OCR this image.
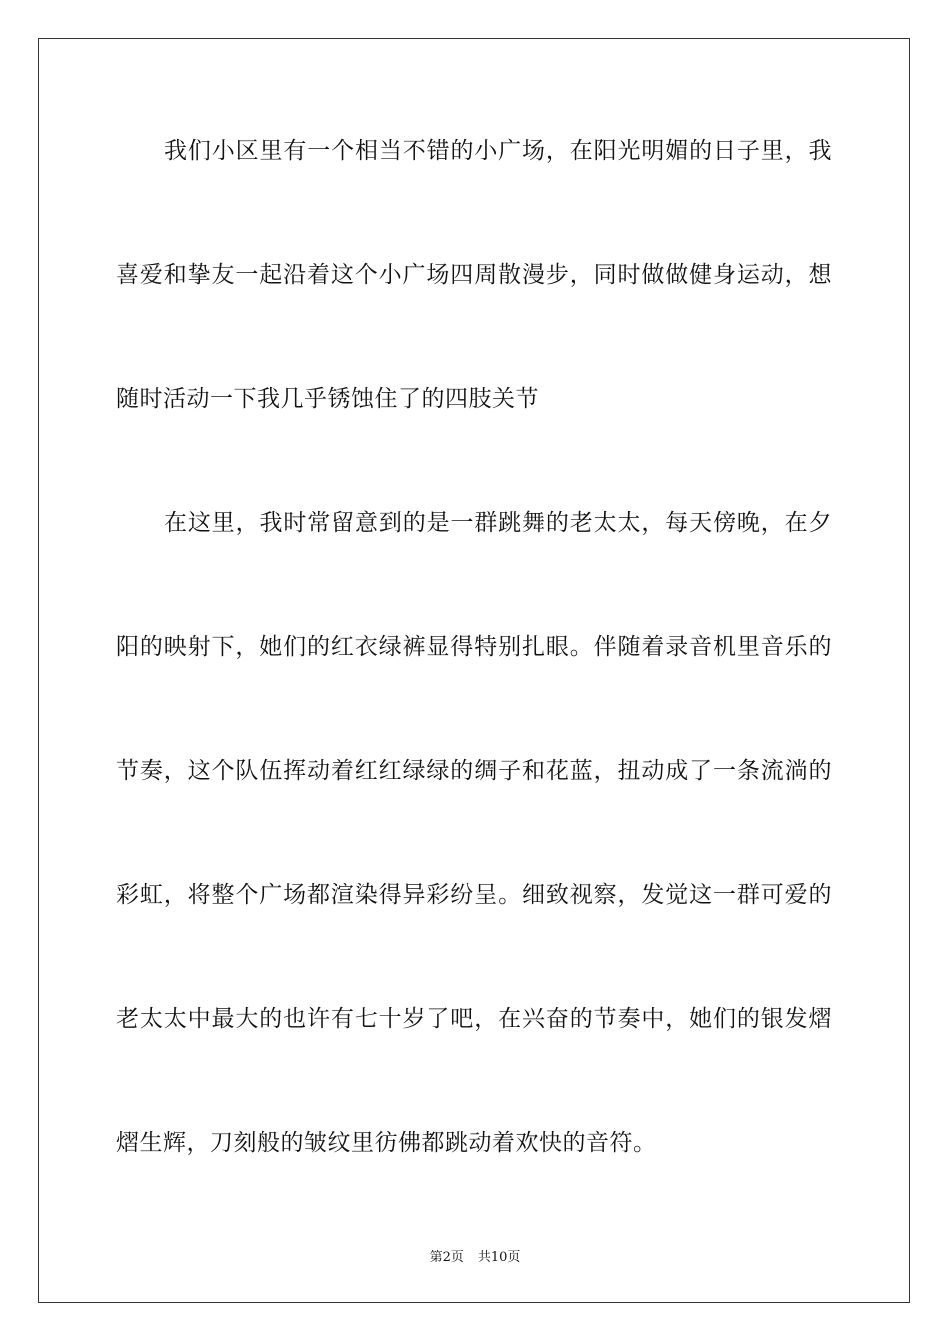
我们小区里有一个相当不错的小广场，在阳光明媚的日子里，我
喜爱和挚友一起沿着这个小广场四周散漫步，同时做做健身运动，想
随时活动一下我几乎锈蚀住了的四肢关节
在这里，我时常留意到的是一群跳舞的老太太，每天傍晚，在夕
阳的映射下，她们的红衣绿裤显得特别扎眼。伴随着录音机里音乐的
节奏，这个队伍挥动着红红绿绿的绸子和花蓝，扭动成了一条流淌的
彩虹，将整个广场都渲染得异彩纷呈。细致视察，发觉这一群可爱的
老太太中最大的也许有七十岁了吧，在兴奋的节奏中，她们的银发熠
熠生辉，刀刻般的皱纹里彷佛都跳动着欢快的音符。
第2页 共10页
